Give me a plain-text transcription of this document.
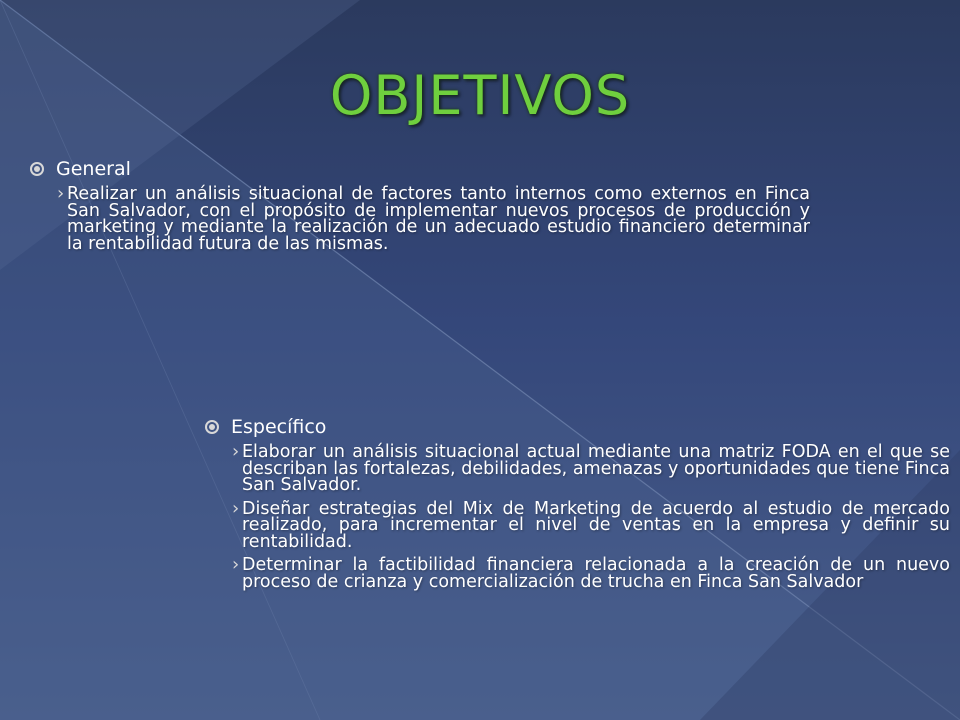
OBJETIVOS
General
› Realizar un análisis situacional de factores tanto internos como externos en Finca San Salvador, con el propósito de implementar nuevos procesos de producción y marketing y mediante la realización de un adecuado estudio financiero determinar la rentabilidad futura de las mismas.
Específico
› Elaborar un análisis situacional actual mediante una matriz FODA en el que se describan las fortalezas, debilidades, amenazas y oportunidades que tiene Finca San Salvador.
› Diseñar estrategias del Mix de Marketing de acuerdo al estudio de mercado realizado, para incrementar el nivel de ventas en la empresa y definir su rentabilidad.
› Determinar la factibilidad financiera relacionada a la creación de un nuevo proceso de crianza y comercialización de trucha en Finca San Salvador
